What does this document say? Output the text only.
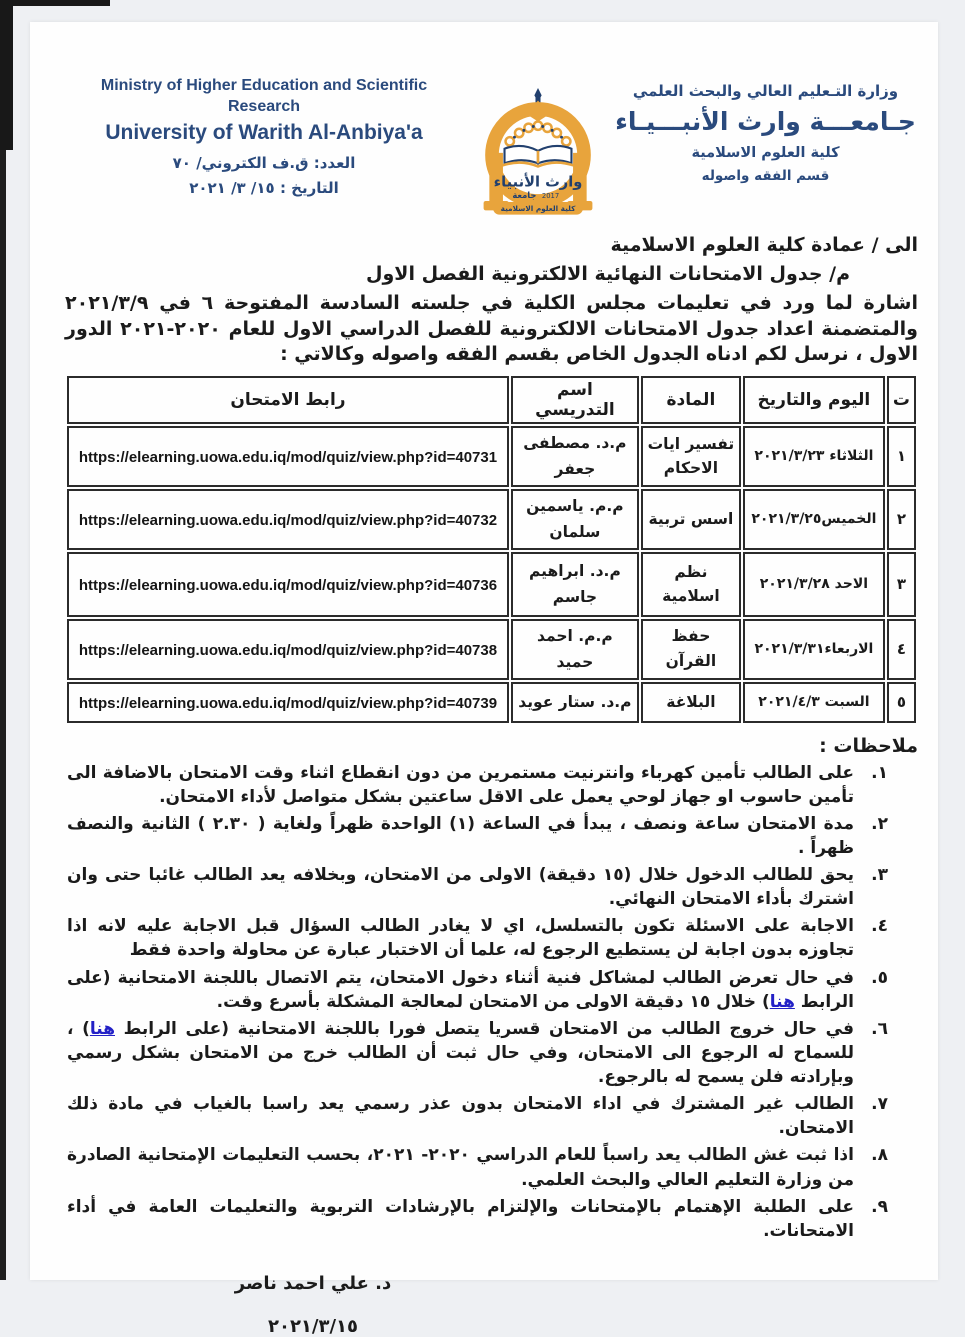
Ministry of Higher Education and Scientific Research
University of Warith Al-Anbiya'a
العدد: ق.ف الكتروني/ ٧٠
التاريخ : ١٥/ ٣/ ٢٠٢١	وارث الأنبياء
جامعة 2017
كلية العلوم الاسلامية
وزارة التـعليم العالي والبحث العلمي
جـامعـــة وارث الأنبـــيـاء
كلية العلوم الاسلامية
قسم الفقه واصوله
الى / عمادة كلية العلوم الاسلامية
م/ جدول الامتحانات النهائية الالكترونية الفصل الاول
اشارة لما ورد في تعليمات مجلس الكلية في جلسته السادسة المفتوحة ٦ في ٢٠٢١/٣/٩ والمتضمنة اعداد جدول الامتحانات الالكترونية للفصل الدراسي الاول للعام ٢٠٢٠-٢٠٢١ الدور الاول ، نرسل لكم ادناه الجدول الخاص بقسم الفقه واصوله وكالاتي :
ت	اليوم والتاريخ	المادة	اسم التدريسي	رابط الامتحان
١	الثلاثاء ٢٠٢١/٣/٢٣	تفسير ايات الاحكام	م.د. مصطفى جعفر	https://elearning.uowa.edu.iq/mod/quiz/view.php?id=40731
٢	الخميس٢٠٢١/٣/٢٥	اسس تربية	م.م. ياسمين سلمان	https://elearning.uowa.edu.iq/mod/quiz/view.php?id=40732
٣	الاحد ٢٠٢١/٣/٢٨	نظم اسلامية	م.د. ابراهيم جاسم	https://elearning.uowa.edu.iq/mod/quiz/view.php?id=40736
٤	الاربعاء٢٠٢١/٣/٣١	حفظ القرآن	م.م. احمد حميد	https://elearning.uowa.edu.iq/mod/quiz/view.php?id=40738
٥	السبت ٢٠٢١/٤/٣	البلاغة	م.د. ستار عويد	https://elearning.uowa.edu.iq/mod/quiz/view.php?id=40739
ملاحظات :
١.
على الطالب تأمين كهرباء وانترنيت مستمرين من دون انقطاع اثناء وقت الامتحان بالاضافة الى تأمين حاسوب او جهاز لوحي يعمل على الاقل ساعتين بشكل متواصل لأداء الامتحان.
٢.
مدة الامتحان ساعة ونصف ، يبدأ في الساعة (١) الواحدة ظهراً ولغاية ( ٢.٣٠ ) الثانية والنصف ظهراً .
٣.
يحق للطالب الدخول خلال (١٥ دقيقة) الاولى من الامتحان، وبخلافه يعد الطالب غائبا حتى وان اشترك بأداء الامتحان النهائي.
٤.
الاجابة على الاسئلة تكون بالتسلسل، اي لا يغادر الطالب السؤال قبل الاجابة عليه لانه اذا تجاوزه بدون اجابة لن يستطيع الرجوع له، علما أن الاختبار عبارة عن محاولة واحدة فقط
٥.
في حال تعرض الطالب لمشاكل فنية أثناء دخول الامتحان، يتم الاتصال باللجنة الامتحانية (على الرابط هنا) خلال ١٥ دقيقة الاولى من الامتحان لمعالجة المشكلة بأسرع وقت.
٦.
في حال خروج الطالب من الامتحان قسريا يتصل فورا باللجنة الامتحانية (على الرابط هنا) ، للسماح له الرجوع الى الامتحان، وفي حال ثبت أن الطالب خرج من الامتحان بشكل رسمي وبإرادته فلن يسمح له بالرجوع.
٧.
الطالب غير المشترك في اداء الامتحان بدون عذر رسمي يعد راسبا بالغياب في مادة ذلك الامتحان.
٨.
اذا ثبت غش الطالب يعد راسباً للعام الدراسي ٢٠٢٠- ٢٠٢١، بحسب التعليمات الإمتحانية الصادرة من وزارة التعليم العالي والبحث العلمي.
٩.
على الطلبة الإهتمام بالإمتحانات والإلتزام بالإرشادات التربوية والتعليمات العامة في أداء الامتحانات.
د. علي احمد ناصر
٢٠٢١/٣/١٥
